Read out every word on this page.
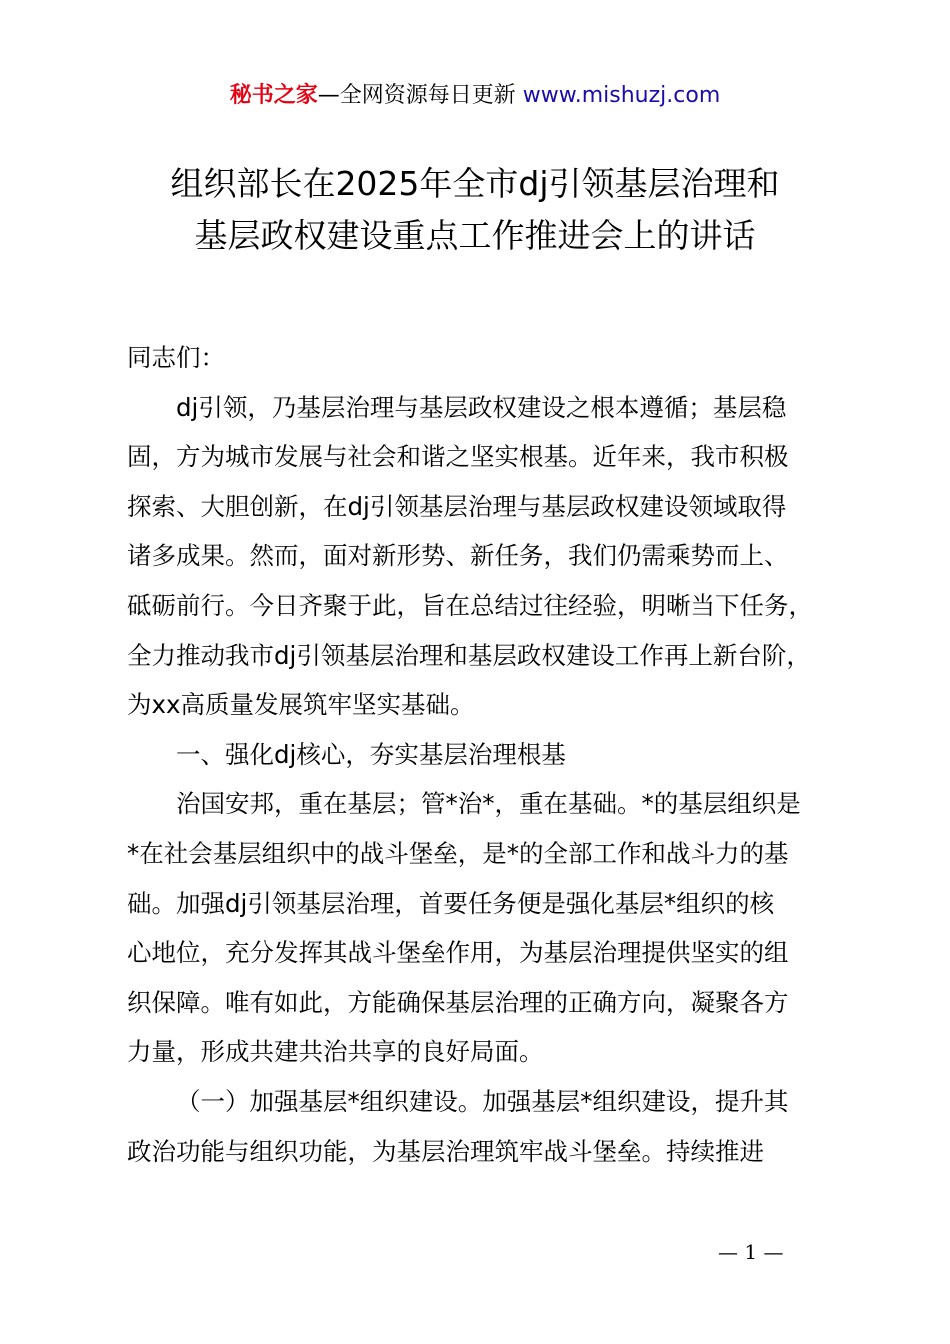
秘书之家—全网资源每日更新 www.mishuzj.com
组织部长在2025年全市dj引领基层治理和
基层政权建设重点工作推进会上的讲话
同志们：
dj引领，乃基层治理与基层政权建设之根本遵循；基层稳
固，方为城市发展与社会和谐之坚实根基。近年来，我市积极
探索、大胆创新，在dj引领基层治理与基层政权建设领域取得
诸多成果。然而，面对新形势、新任务，我们仍需乘势而上、
砥砺前行。今日齐聚于此，旨在总结过往经验，明晰当下任务，
全力推动我市dj引领基层治理和基层政权建设工作再上新台阶，
为xx高质量发展筑牢坚实基础。
一、强化dj核心，夯实基层治理根基
治国安邦，重在基层；管*治*，重在基础。*的基层组织是
*在社会基层组织中的战斗堡垒，是*的全部工作和战斗力的基
础。加强dj引领基层治理，首要任务便是强化基层*组织的核
心地位，充分发挥其战斗堡垒作用，为基层治理提供坚实的组
织保障。唯有如此，方能确保基层治理的正确方向，凝聚各方
力量，形成共建共治共享的良好局面。
（一）加强基层*组织建设。加强基层*组织建设，提升其
政治功能与组织功能，为基层治理筑牢战斗堡垒。持续推进
— 1 —
